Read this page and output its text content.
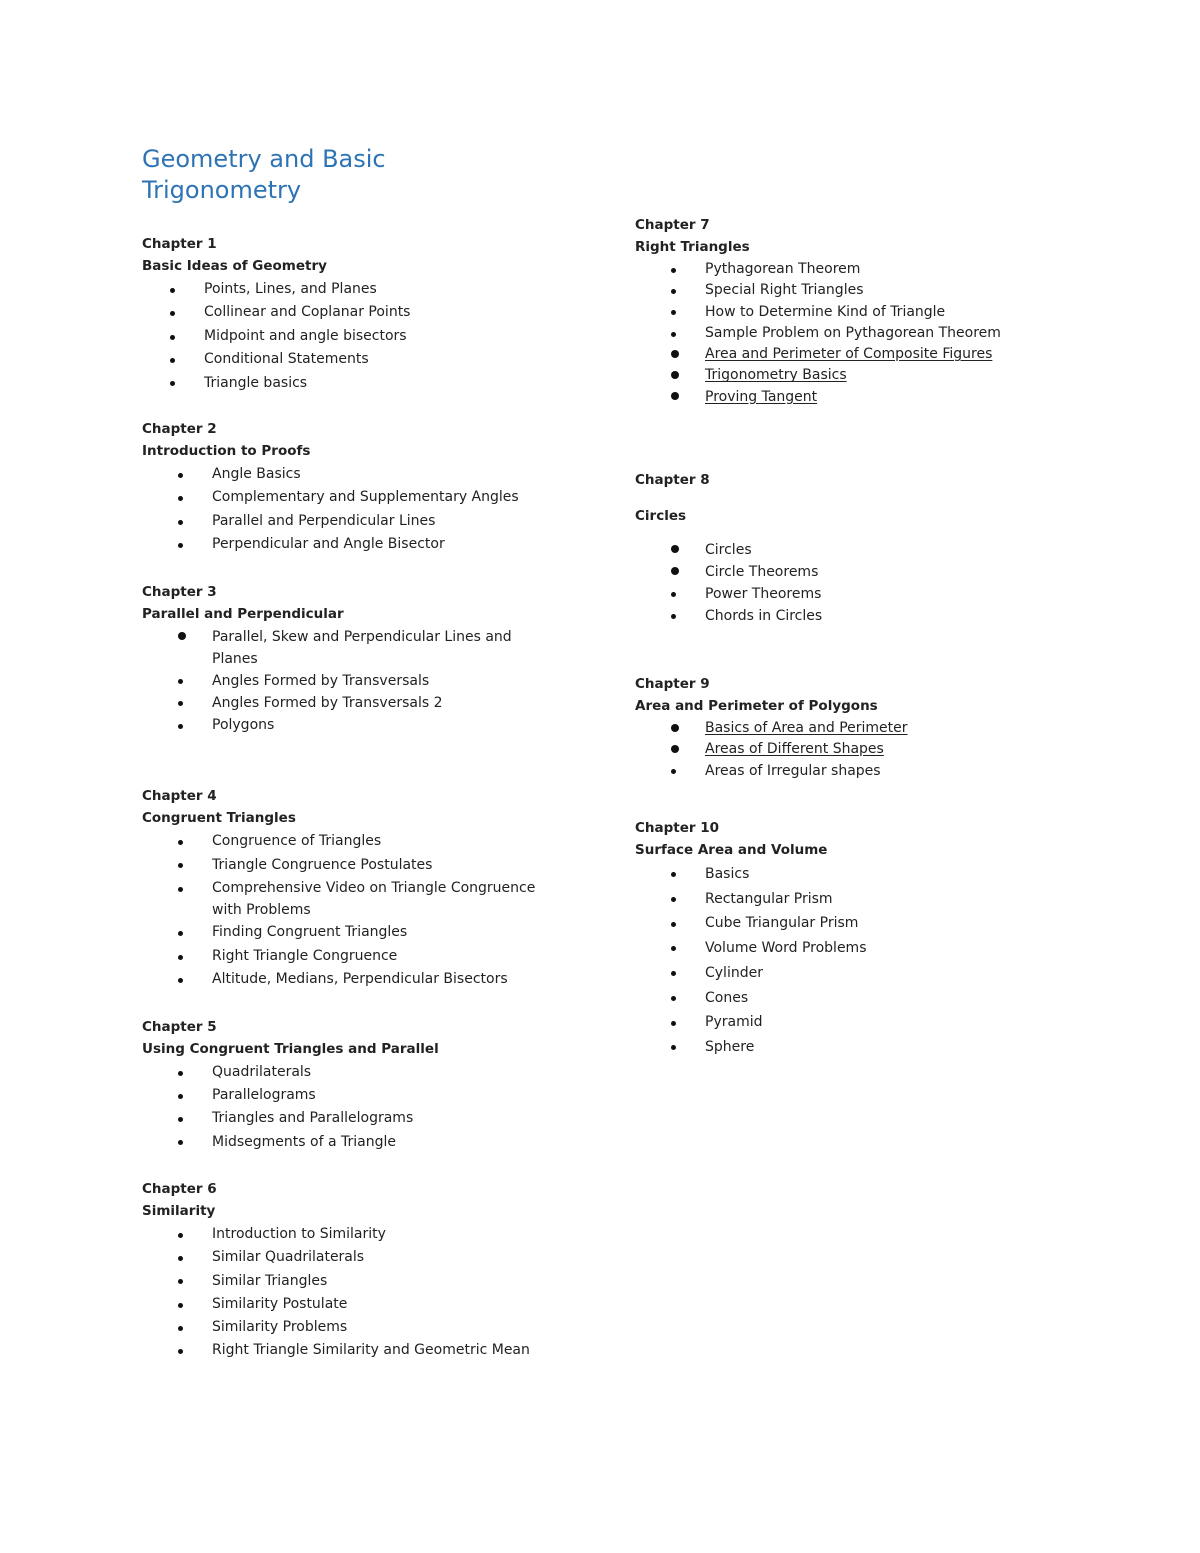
Geometry and Basic
Trigonometry
Chapter 1
Basic Ideas of Geometry
Points, Lines, and Planes
Collinear and Coplanar Points
Midpoint and angle bisectors
Conditional Statements
Triangle basics
Chapter 2
Introduction to Proofs
Angle Basics
Complementary and Supplementary Angles
Parallel and Perpendicular Lines
Perpendicular and Angle Bisector
Chapter 3
Parallel and Perpendicular
Parallel, Skew and Perpendicular Lines and Planes
Angles Formed by Transversals
Angles Formed by Transversals 2
Polygons
Chapter 4
Congruent Triangles
Congruence of Triangles
Triangle Congruence Postulates
Comprehensive Video on Triangle Congruence with Problems
Finding Congruent Triangles
Right Triangle Congruence
Altitude, Medians, Perpendicular Bisectors
Chapter 5
Using Congruent Triangles and Parallel
Quadrilaterals
Parallelograms
Triangles and Parallelograms
Midsegments of a Triangle
Chapter 6
Similarity
Introduction to Similarity
Similar Quadrilaterals
Similar Triangles
Similarity Postulate
Similarity Problems
Right Triangle Similarity and Geometric Mean
Chapter 7
Right Triangles
Pythagorean Theorem
Special Right Triangles
How to Determine Kind of Triangle
Sample Problem on Pythagorean Theorem
Area and Perimeter of Composite Figures
Trigonometry Basics
Proving Tangent
Chapter 8
Circles
Circles
Circle Theorems
Power Theorems
Chords in Circles
Chapter 9
Area and Perimeter of Polygons
Basics of Area and Perimeter
Areas of Different Shapes
Areas of Irregular shapes
Chapter 10
Surface Area and Volume
Basics
Rectangular Prism
Cube Triangular Prism
Volume Word Problems
Cylinder
Cones
Pyramid
Sphere
